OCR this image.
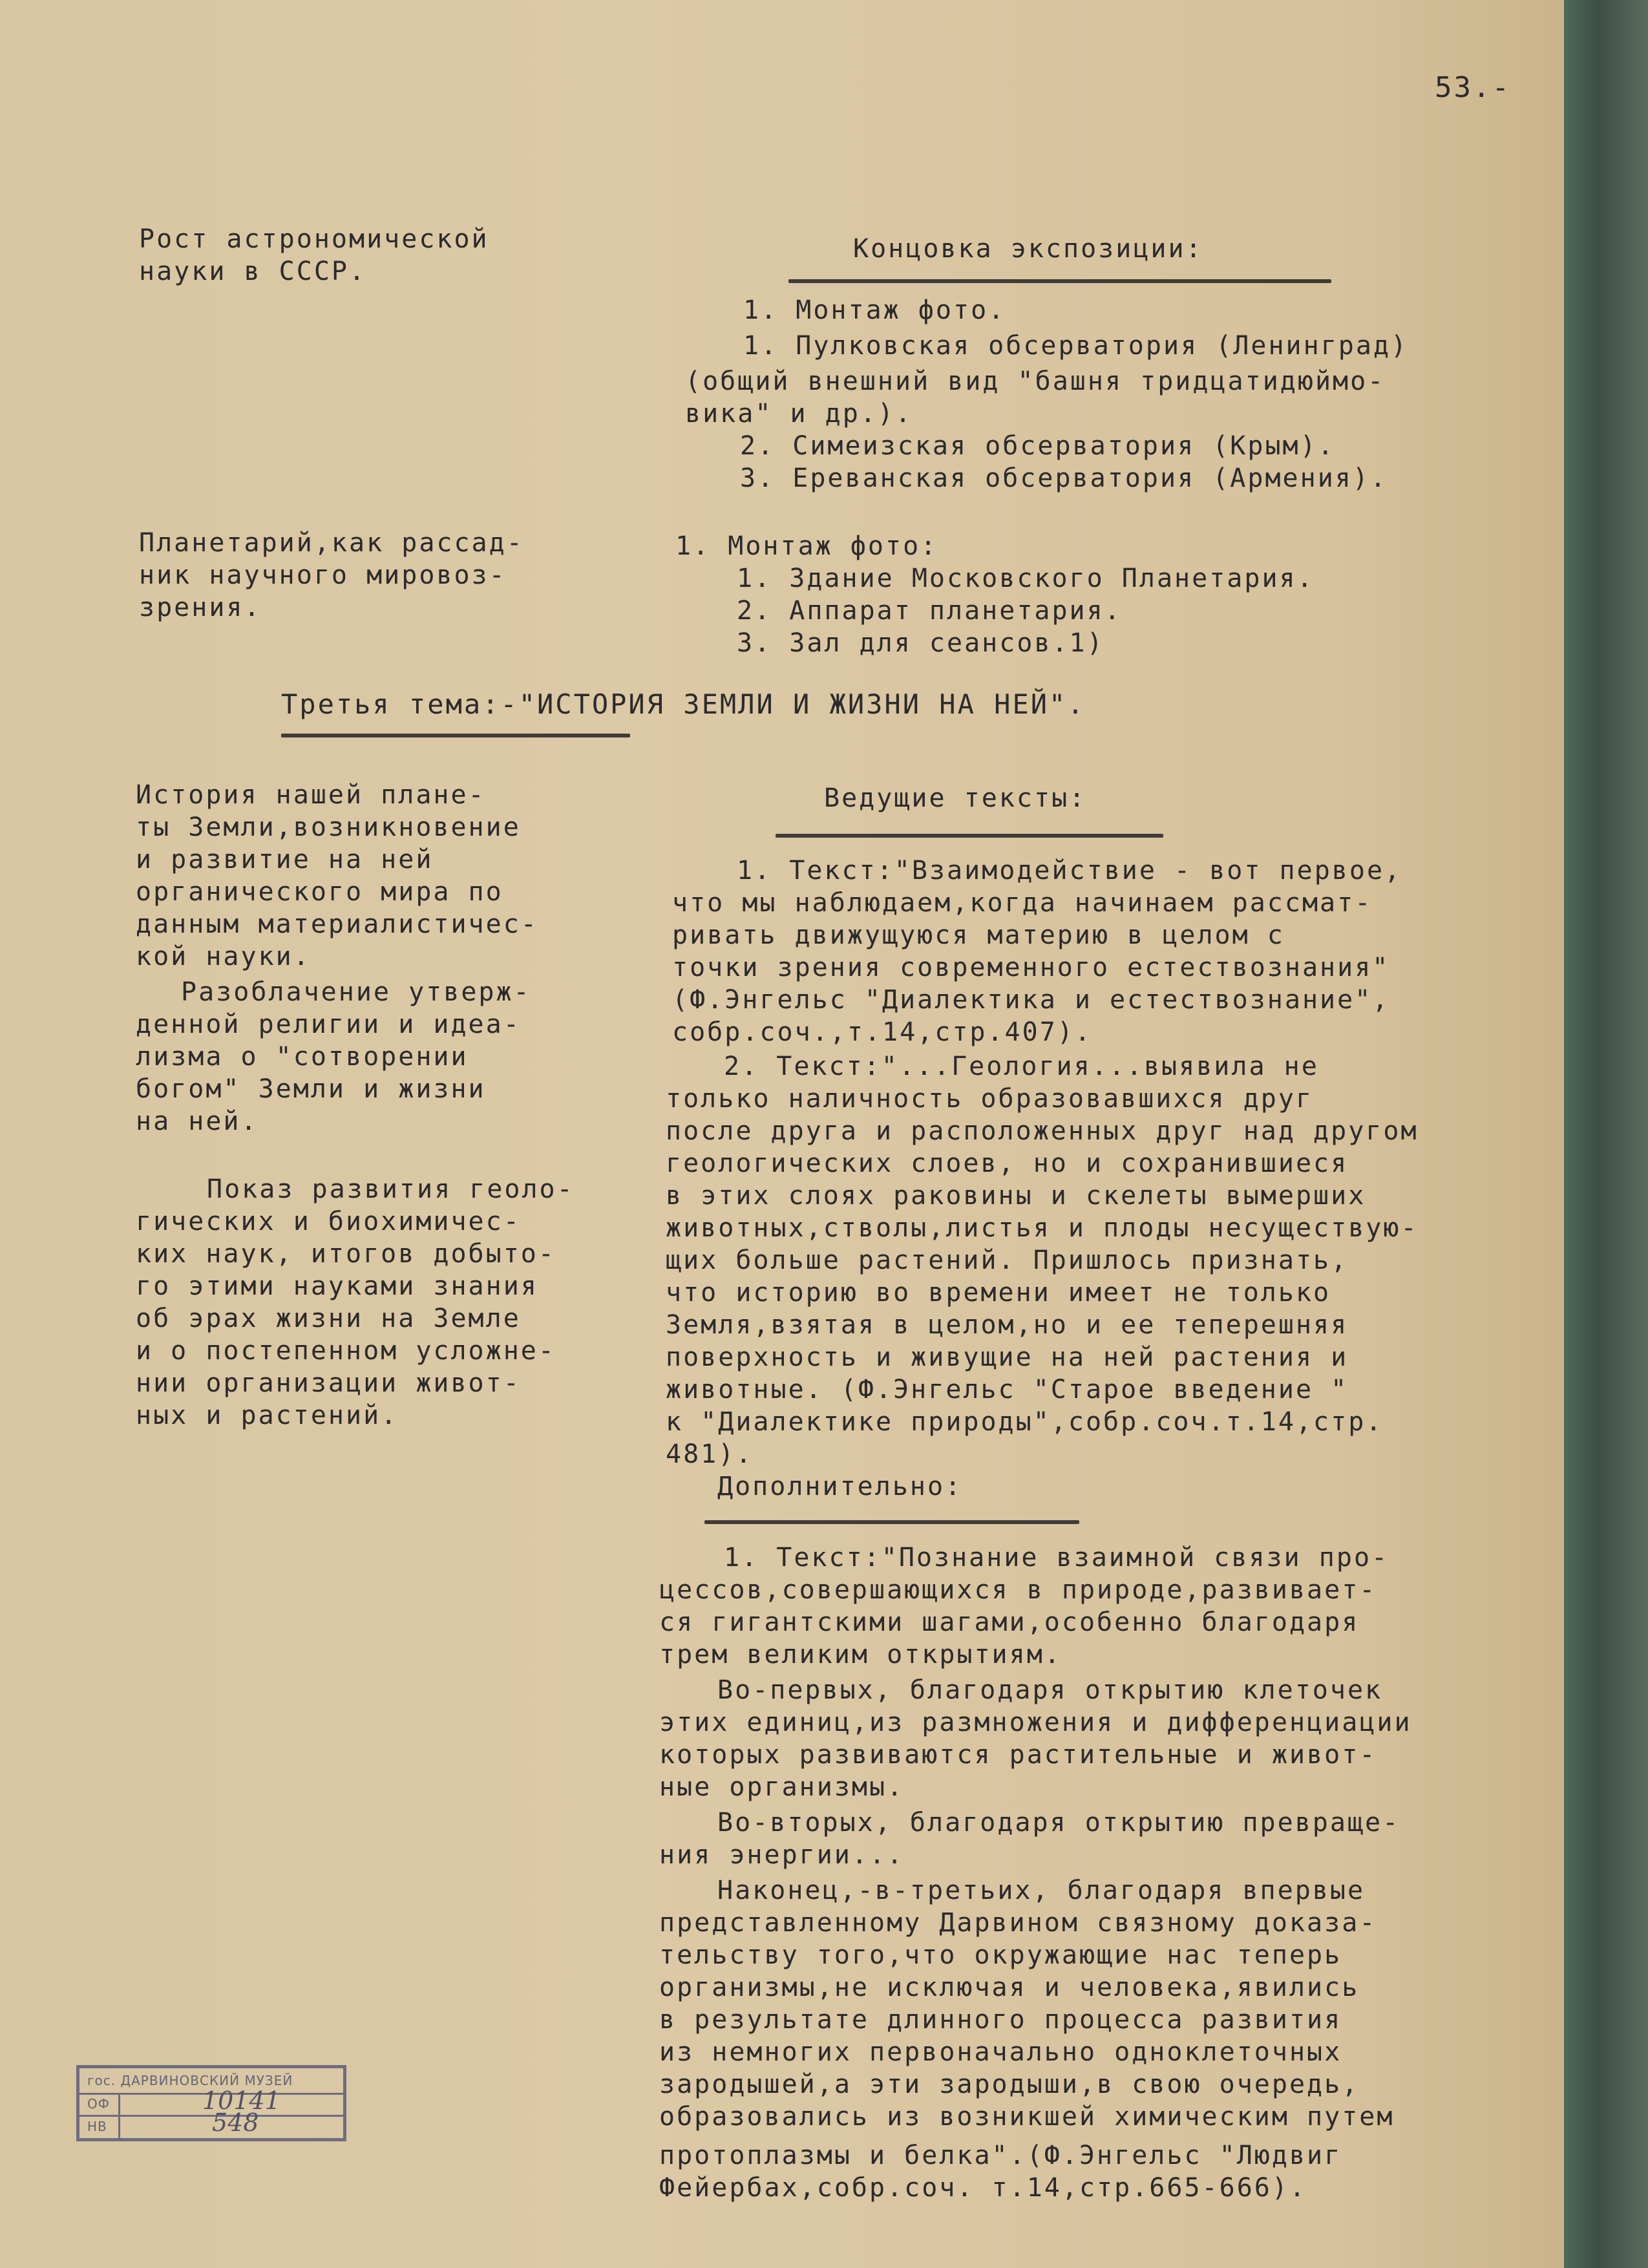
53.-
Рост астрономической
науки в СССР.
Концовка экспозиции:
1. Монтаж фото.
1. Пулковская обсерватория (Ленинград)
(общий внешний вид "башня тридцатидюймо-
вика" и др.).
2. Симеизская обсерватория (Крым).
3. Ереванская обсерватория (Армения).
Планетарий,как рассад-
ник научного мировоз-
зрения.
1. Монтаж фото:
1. Здание Московского Планетария.
2. Аппарат планетария.
3. Зал для сеансов.1)
Третья тема:-"ИСТОРИЯ ЗЕМЛИ И ЖИЗНИ НА НЕЙ".
История нашей плане-
ты Земли,возникновение
и развитие на ней
органического мира по
данным материалистичес-
кой науки.
Разоблачение утверж-
денной религии и идеа-
лизма о "сотворении
богом" Земли и жизни
на ней.
Показ развития геоло-
гических и биохимичес-
ких наук, итогов добыто-
го этими науками знания
об эрах жизни на Земле
и о постепенном усложне-
нии организации живот-
ных и растений.
Ведущие тексты:
1. Текст:"Взаимодействие - вот первое,
что мы наблюдаем,когда начинаем рассмат-
ривать движущуюся материю в целом с
точки зрения современного естествознания"
(Ф.Энгельс "Диалектика и естествознание",
собр.соч.,т.14,стр.407).
2. Текст:"...Геология...выявила не
только наличность образовавшихся друг
после друга и расположенных друг над другом
геологических слоев, но и сохранившиеся
в этих слоях раковины и скелеты вымерших
животных,стволы,листья и плоды несуществую-
щих больше растений. Пришлось признать,
что историю во времени имеет не только
Земля,взятая в целом,но и ее теперешняя
поверхность и живущие на ней растения и
животные. (Ф.Энгельс "Старое введение "
к "Диалектике природы",собр.соч.т.14,стр.
481).
Дополнительно:
1. Текст:"Познание взаимной связи про-
цессов,совершающихся в природе,развивает-
ся гигантскими шагами,особенно благодаря
трем великим открытиям.
Во-первых, благодаря открытию клеточек
этих единиц,из размножения и дифференциации
которых развиваются растительные и живот-
ные организмы.
Во-вторых, благодаря открытию превраще-
ния энергии...
Наконец,-в-третьих, благодаря впервые
представленному Дарвином связному доказа-
тельству того,что окружающие нас теперь
организмы,не исключая и человека,явились
в результате длинного процесса развития
из немногих первоначально одноклеточных
зародышей,а эти зародыши,в свою очередь,
образовались из возникшей химическим путем
протоплазмы и белка".(Ф.Энгельс "Людвиг
Фейербах,собр.соч. т.14,стр.665-666).
гос. ДАРВИНОВСКИЙ МУЗЕЙ
ОФ	10141
НВ	548
